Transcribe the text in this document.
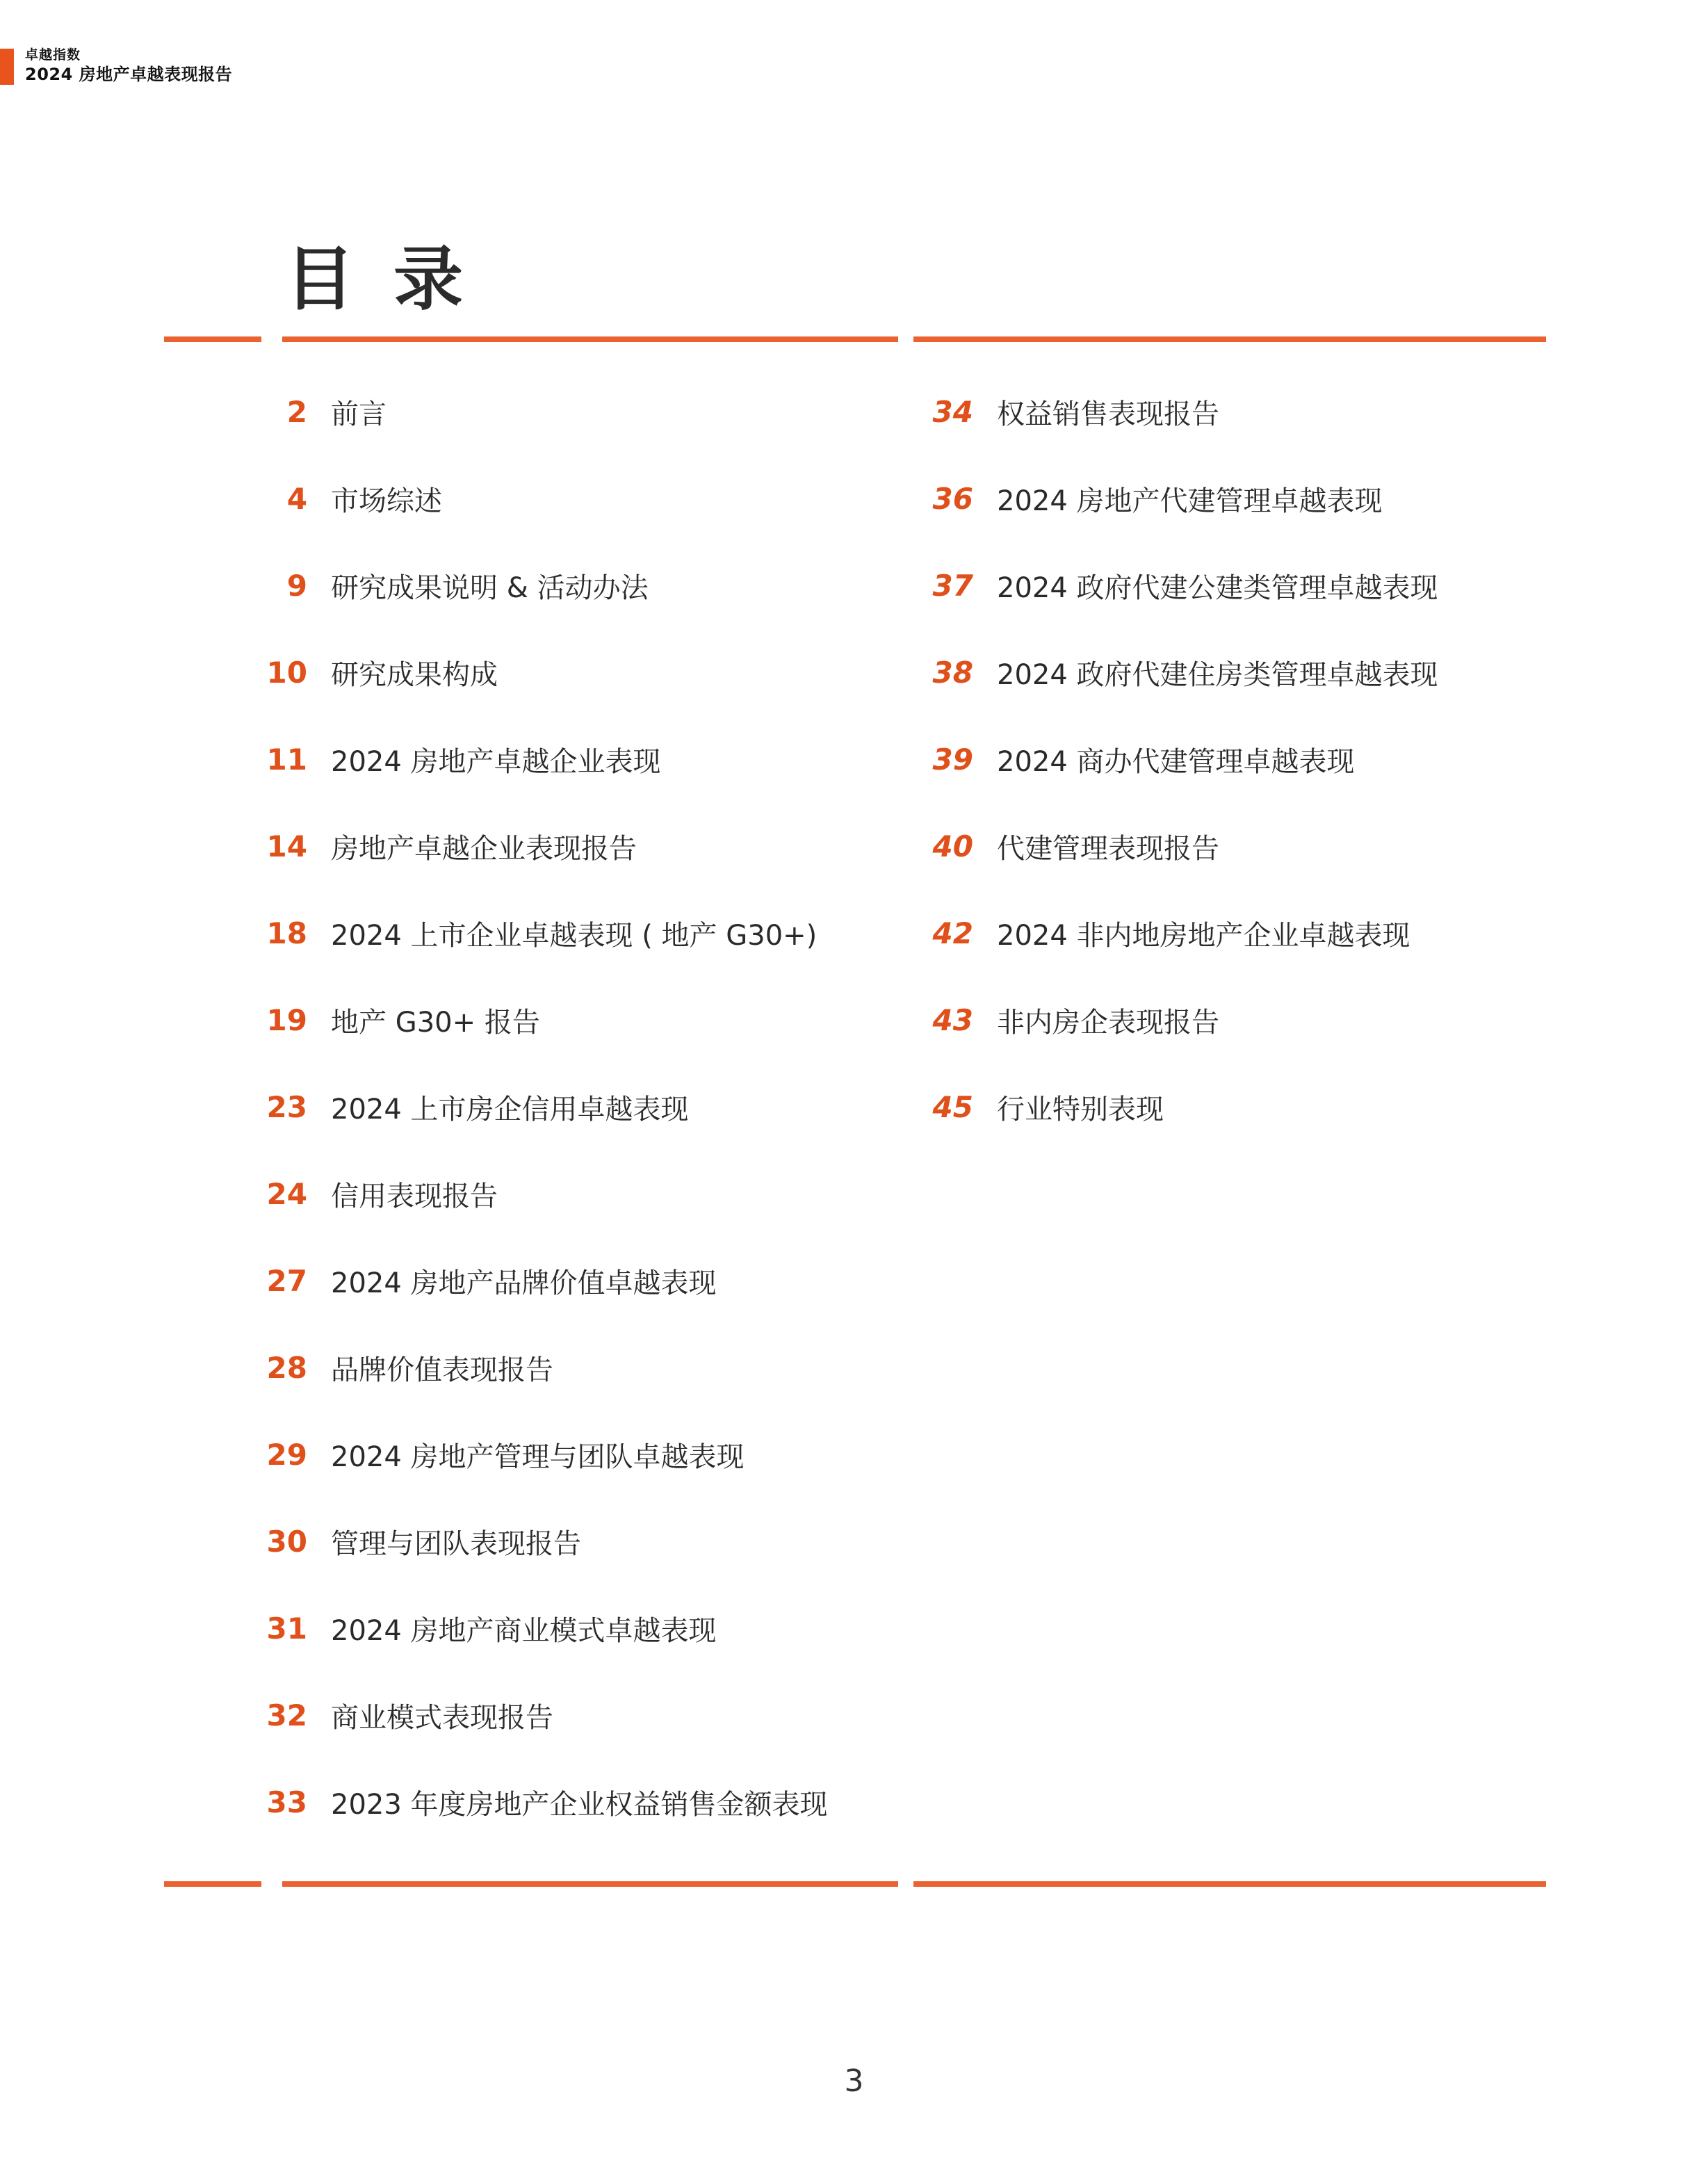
卓越指数
2024 房地产卓越表现报告
目录
2 前言
4 市场综述
9 研究成果说明 & 活动办法
10 研究成果构成
11 2024 房地产卓越企业表现
14 房地产卓越企业表现报告
18 2024 上市企业卓越表现 ( 地产 G30+)
19 地产 G30+ 报告
23 2024 上市房企信用卓越表现
24 信用表现报告
27 2024 房地产品牌价值卓越表现
28 品牌价值表现报告
29 2024 房地产管理与团队卓越表现
30 管理与团队表现报告
31 2024 房地产商业模式卓越表现
32 商业模式表现报告
33 2023 年度房地产企业权益销售金额表现
34 权益销售表现报告
36 2024 房地产代建管理卓越表现
37 2024 政府代建公建类管理卓越表现
38 2024 政府代建住房类管理卓越表现
39 2024 商办代建管理卓越表现
40 代建管理表现报告
42 2024 非内地房地产企业卓越表现
43 非内房企表现报告
45 行业特别表现
3
